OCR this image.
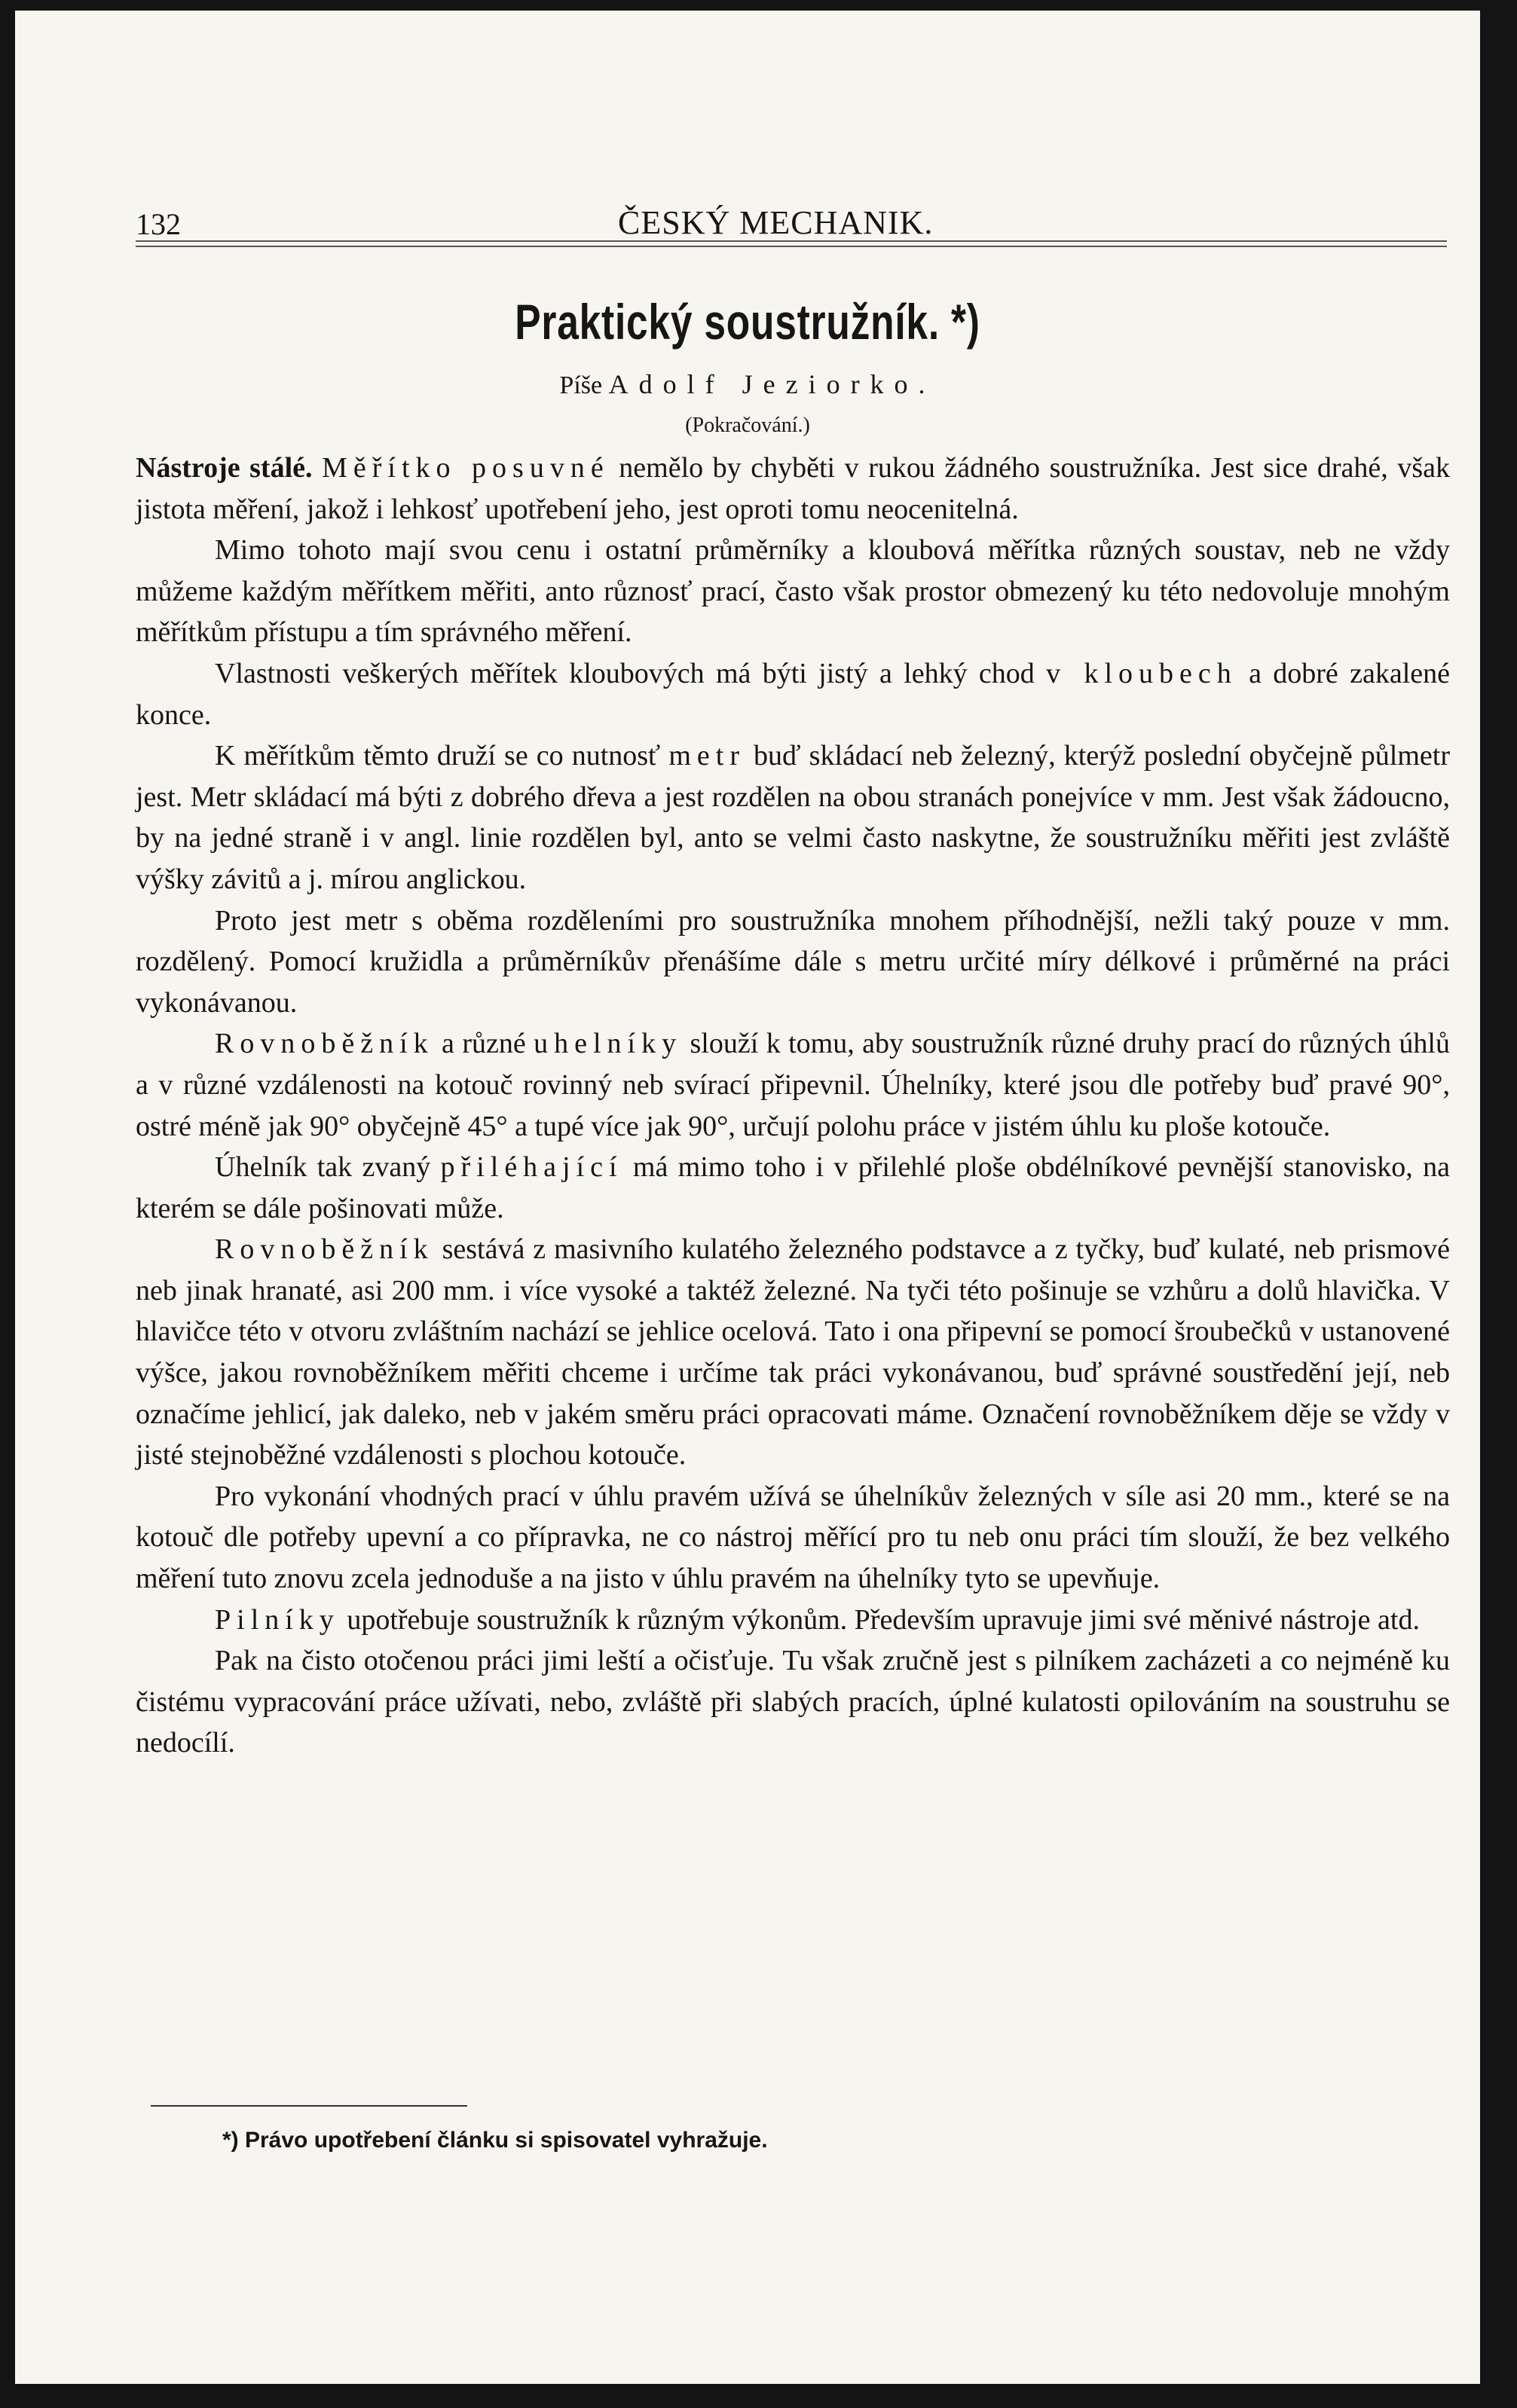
132	ČESKÝ MECHANIK.
Praktický soustružník. *)
Píše Adolf Jeziorko.
(Pokračování.)

Nástroje stálé. Měřítko posuvné nemělo by chyběti v rukou žádného soustružníka. Jest sice drahé, však jistota měření, jakož i lehkosť upotřebení jeho, jest oproti tomu neocenitelná.

Mimo tohoto mají svou cenu i ostatní průměrníky a kloubová měřítka různých soustav, neb ne vždy můžeme každým měřítkem měřiti, anto různosť prací, často však prostor obmezený ku této nedovoluje mnohým měřítkům přístupu a tím správného měření.

Vlastnosti veškerých měřítek kloubových má býti jistý a lehký chod v kloubech a dobré zakalené konce.

K měřítkům těmto druží se co nutnosť metr buď skládací neb železný, kterýž poslední obyčejně půlmetr jest. Metr skládací má býti z dobrého dřeva a jest rozdělen na obou stranách ponejvíce v mm. Jest však žádoucno, by na jedné straně i v angl. linie rozdělen byl, anto se velmi často naskytne, že soustružníku měřiti jest zvláště výšky závitů a j. mírou anglickou.

Proto jest metr s oběma rozděleními pro soustružníka mnohem příhodnější, nežli taký pouze v mm. rozdělený. Pomocí kružidla a průměrníkův přenášíme dále s metru určité míry délkové i průměrné na práci vykonávanou.

Rovnoběžník a různé uhelníky slouží k tomu, aby soustružník různé druhy prací do různých úhlů a v různé vzdálenosti na kotouč rovinný neb svírací připevnil. Úhelníky, které jsou dle potřeby buď pravé 90°, ostré méně jak 90° obyčejně 45° a tupé více jak 90°, určují polohu práce v jistém úhlu ku ploše kotouče.

Úhelník tak zvaný přiléhající má mimo toho i v přilehlé ploše obdélníkové pevnější stanovisko, na kterém se dále pošinovati může.

Rovnoběžník sestává z masivního kulatého železného podstavce a z tyčky, buď kulaté, neb prismové neb jinak hranaté, asi 200 mm. i více vysoké a taktéž železné. Na tyči této pošinuje se vzhůru a dolů hlavička. V hlavičce této v otvoru zvláštním nachází se jehlice ocelová. Tato i ona připevní se pomocí šroubečků v ustanovené výšce, jakou rovnoběžníkem měřiti chceme i určíme tak práci vykonávanou, buď správné soustředění její, neb označíme jehlicí, jak daleko, neb v jakém směru práci opracovati máme. Označení rovnoběžníkem děje se vždy v jisté stejnoběžné vzdálenosti s plochou kotouče.

Pro vykonání vhodných prací v úhlu pravém užívá se úhelníkův železných v síle asi 20 mm., které se na kotouč dle potřeby upevní a co přípravka, ne co nástroj měřící pro tu neb onu práci tím slouží, že bez velkého měření tuto znovu zcela jednoduše a na jisto v úhlu pravém na úhelníky tyto se upevňuje.

Pilníky upotřebuje soustružník k různým výkonům. Především upravuje jimi své měnivé nástroje atd.

Pak na čisto otočenou práci jimi leští a očisťuje. Tu však zručně jest s pilníkem zacházeti a co nejméně ku čistému vypracování práce užívati, nebo, zvláště při slabých pracích, úplné kulatosti opilováním na soustruhu se nedocílí.

*) Právo upotřebení článku si spisovatel vyhražuje.
